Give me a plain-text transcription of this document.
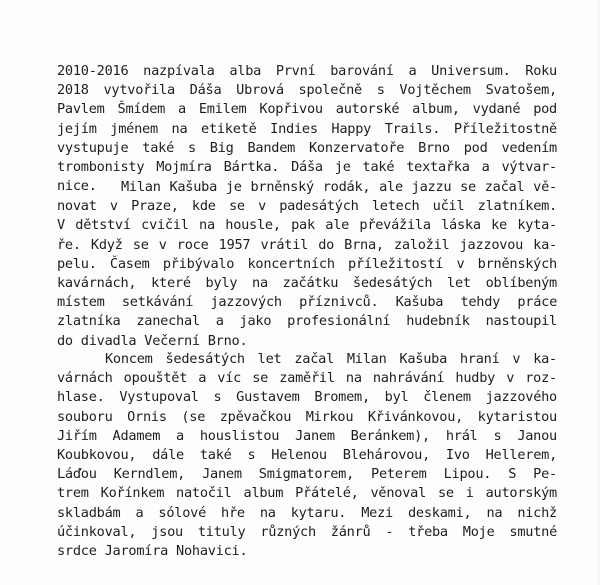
2010-2016 nazpívala alba První barování a Universum. Roku
2018 vytvořila Dáša Ubrová společně s Vojtěchem Svatošem,
Pavlem Šmídem a Emilem Kopřivou autorské album, vydané pod
jejím jménem na etiketě Indies Happy Trails. Příležitostně
vystupuje také s Big Bandem Konzervatoře Brno pod vedením
trombonisty Mojmíra Bártka. Dáša je také textařka a výtvar-
nice.	Milan Kašuba je brněnský rodák, ale jazzu se začal vě-
novat v Praze, kde se v padesátých letech učil zlatníkem.
V dětství cvičil na housle, pak ale převážila láska ke kyta-
ře. Když se v roce 1957 vrátil do Brna, založil jazzovou ka-
pelu. Časem přibývalo koncertních příležitostí v brněnských
kavárnách, které byly na začátku šedesátých let oblíbeným
místem setkávání jazzových příznivců. Kašuba tehdy práce
zlatníka zanechal a jako profesionální hudebník nastoupil
do divadla Večerní Brno.
Koncem šedesátých let začal Milan Kašuba hraní v ka-
várnách opouštět a víc se zaměřil na nahrávání hudby v roz-
hlase. Vystupoval s Gustavem Bromem, byl členem jazzového
souboru Ornis (se zpěvačkou Mirkou Křivánkovou, kytaristou
Jiřím Adamem a houslistou Janem Beránkem), hrál s Janou
Koubkovou, dále také s Helenou Blehárovou, Ivo Hellerem,
Láďou Kerndlem, Janem Smigmatorem, Peterem Lipou. S Pe-
trem Kořínkem natočil album Přátelé, věnoval se i autorským
skladbám a sólové hře na kytaru. Mezi deskami, na nichž
účinkoval, jsou tituly různých žánrů - třeba Moje smutné
srdce Jaromíra Nohavici.
